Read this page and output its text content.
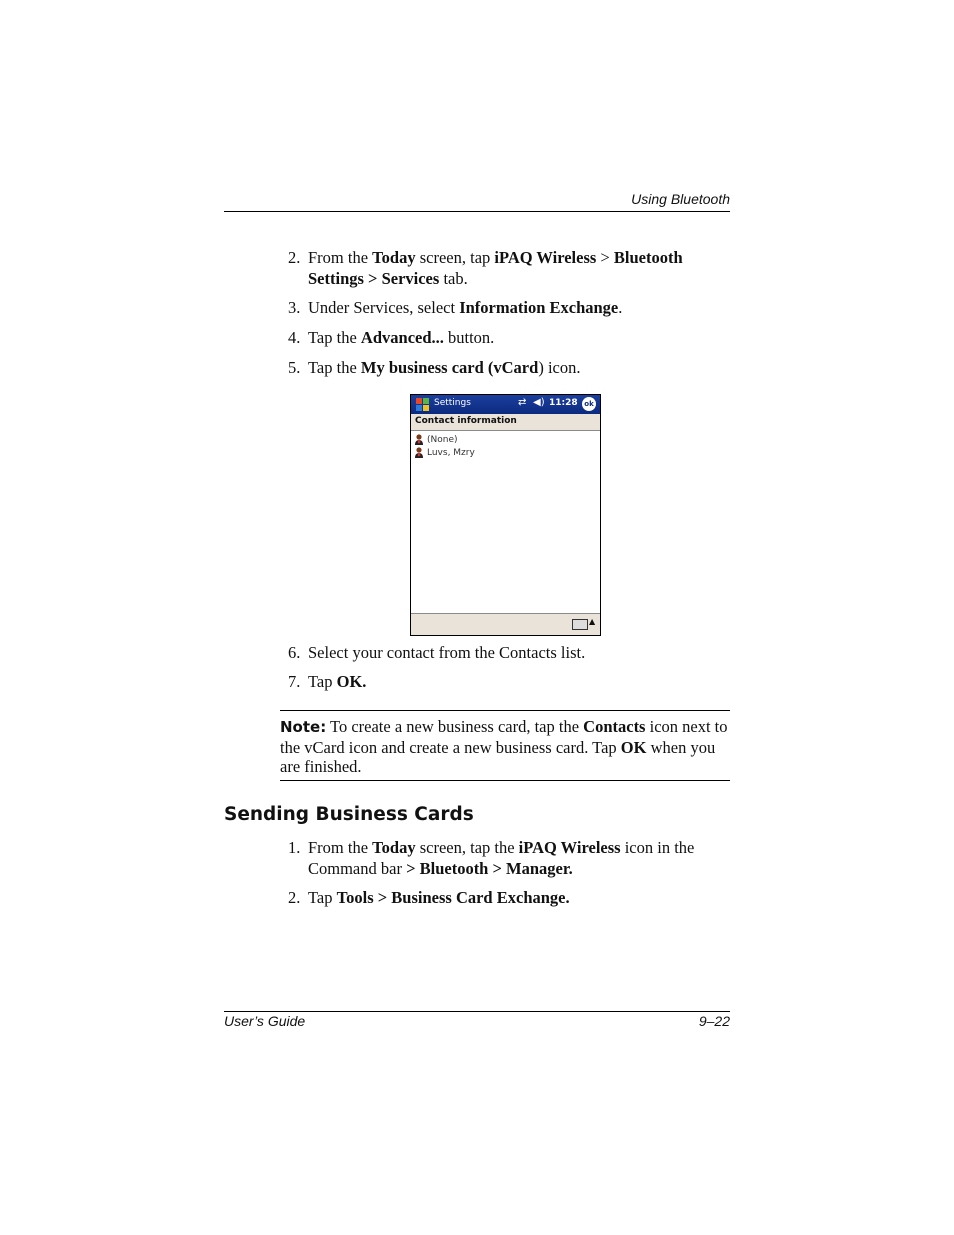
Using Bluetooth
2. From the Today screen, tap iPAQ Wireless > Bluetooth
Settings > Services tab.
3. Under Services, select Information Exchange.
4. Tap the Advanced... button.
5. Tap the My business card (vCard) icon.
Settings	⇄ ◀) 11:28 ok
Contact information
(None)
Luvs, Mzry
▲
6. Select your contact from the Contacts list.
7. Tap OK.
Note: To create a new business card, tap the Contacts icon next to the vCard icon and create a new business card. Tap OK when you are finished.
Sending Business Cards
1. From the Today screen, tap the iPAQ Wireless icon in the
Command bar > Bluetooth > Manager.
2. Tap Tools > Business Card Exchange.
User’s Guide	9–22
